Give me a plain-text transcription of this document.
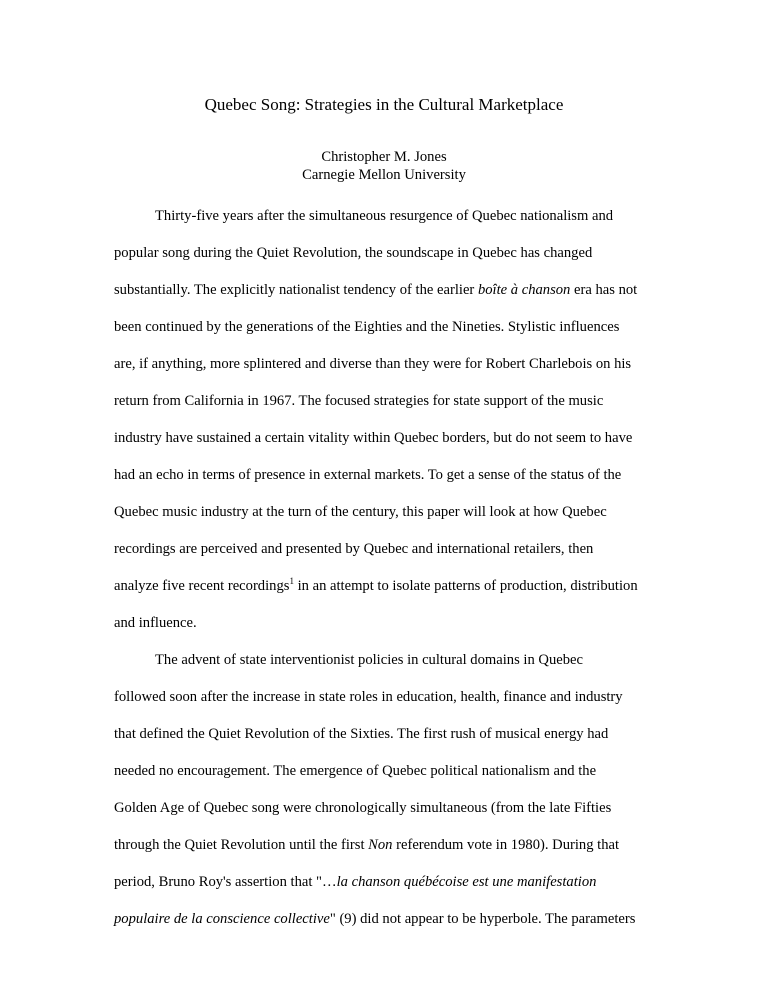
Quebec Song: Strategies in the Cultural Marketplace
Christopher M. Jones
Carnegie Mellon University
Thirty-five years after the simultaneous resurgence of Quebec nationalism and
popular song during the Quiet Revolution, the soundscape in Quebec has changed
substantially. The explicitly nationalist tendency of the earlier boîte à chanson era has not
been continued by the generations of the Eighties and the Nineties. Stylistic influences
are, if anything, more splintered and diverse than they were for Robert Charlebois on his
return from California in 1967. The focused strategies for state support of the music
industry have sustained a certain vitality within Quebec borders, but do not seem to have
had an echo in terms of presence in external markets. To get a sense of the status of the
Quebec music industry at the turn of the century, this paper will look at how Quebec
recordings are perceived and presented by Quebec and international retailers, then
analyze five recent recordings$^1$ in an attempt to isolate patterns of production, distribution
and influence.
The advent of state interventionist policies in cultural domains in Quebec
followed soon after the increase in state roles in education, health, finance and industry
that defined the Quiet Revolution of the Sixties. The first rush of musical energy had
needed no encouragement. The emergence of Quebec political nationalism and the
Golden Age of Quebec song were chronologically simultaneous (from the late Fifties
through the Quiet Revolution until the first Non referendum vote in 1980). During that
period, Bruno Roy's assertion that "…la chanson québécoise est une manifestation
populaire de la conscience collective" (9) did not appear to be hyperbole. The parameters
